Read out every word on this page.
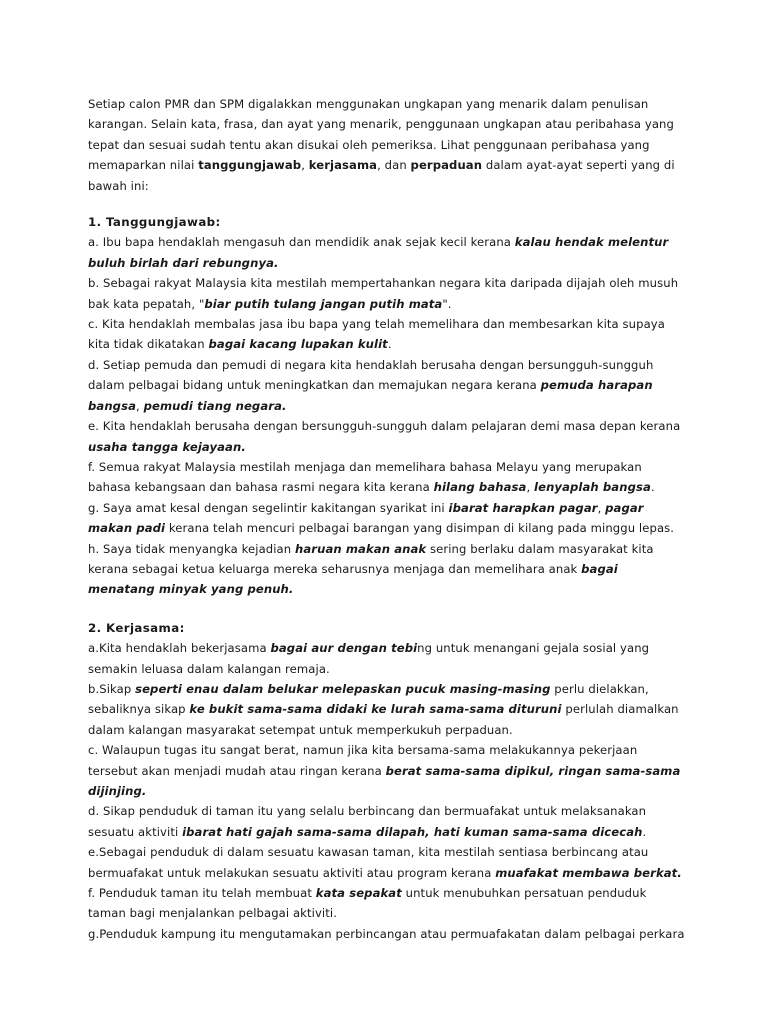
Setiap calon PMR dan SPM digalakkan menggunakan ungkapan yang menarik dalam penulisan karangan. Selain kata, frasa, dan ayat yang menarik, penggunaan ungkapan atau peribahasa yang tepat dan sesuai sudah tentu akan disukai oleh pemeriksa. Lihat penggunaan peribahasa yang memaparkan nilai tanggungjawab, kerjasama, dan perpaduan dalam ayat-ayat seperti yang di bawah ini:

1. Tanggungjawab:

a. Ibu bapa hendaklah mengasuh dan mendidik anak sejak kecil kerana kalau hendak melentur buluh birlah dari rebungnya.

b. Sebagai rakyat Malaysia kita mestilah mempertahankan negara kita daripada dijajah oleh musuh bak kata pepatah, "biar putih tulang jangan putih mata".

c. Kita hendaklah membalas jasa ibu bapa yang telah memelihara dan membesarkan kita supaya kita tidak dikatakan bagai kacang lupakan kulit.

d. Setiap pemuda dan pemudi di negara kita hendaklah berusaha dengan bersungguh-sungguh dalam pelbagai bidang untuk meningkatkan dan memajukan negara kerana pemuda harapan bangsa, pemudi tiang negara.

e. Kita hendaklah berusaha dengan bersungguh-sungguh dalam pelajaran demi masa depan kerana usaha tangga kejayaan.

f. Semua rakyat Malaysia mestilah menjaga dan memelihara bahasa Melayu yang merupakan bahasa kebangsaan dan bahasa rasmi negara kita kerana hilang bahasa, lenyaplah bangsa.

g. Saya amat kesal dengan segelintir kakitangan syarikat ini ibarat harapkan pagar, pagar makan padi kerana telah mencuri pelbagai barangan yang disimpan di kilang pada minggu lepas.

h. Saya tidak menyangka kejadian haruan makan anak sering berlaku dalam masyarakat kita kerana sebagai ketua keluarga mereka seharusnya menjaga dan memelihara anak bagai menatang minyak yang penuh.

2. Kerjasama:

a.Kita hendaklah bekerjasama bagai aur dengan tebing untuk menangani gejala sosial yang semakin leluasa dalam kalangan remaja.

b.Sikap seperti enau dalam belukar melepaskan pucuk masing-masing perlu dielakkan, sebaliknya sikap ke bukit sama-sama didaki ke lurah sama-sama dituruni perlulah diamalkan dalam kalangan masyarakat setempat untuk memperkukuh perpaduan.

c. Walaupun tugas itu sangat berat, namun jika kita bersama-sama melakukannya pekerjaan tersebut akan menjadi mudah atau ringan kerana berat sama-sama dipikul, ringan sama-sama dijinjing.

d. Sikap penduduk di taman itu yang selalu berbincang dan bermuafakat untuk melaksanakan sesuatu aktiviti ibarat hati gajah sama-sama dilapah, hati kuman sama-sama dicecah.

e.Sebagai penduduk di dalam sesuatu kawasan taman, kita mestilah sentiasa berbincang atau bermuafakat untuk melakukan sesuatu aktiviti atau program kerana muafakat membawa berkat.

f. Penduduk taman itu telah membuat kata sepakat untuk menubuhkan persatuan penduduk taman bagi menjalankan pelbagai aktiviti.

g.Penduduk kampung itu mengutamakan perbincangan atau permuafakatan dalam pelbagai perkara
